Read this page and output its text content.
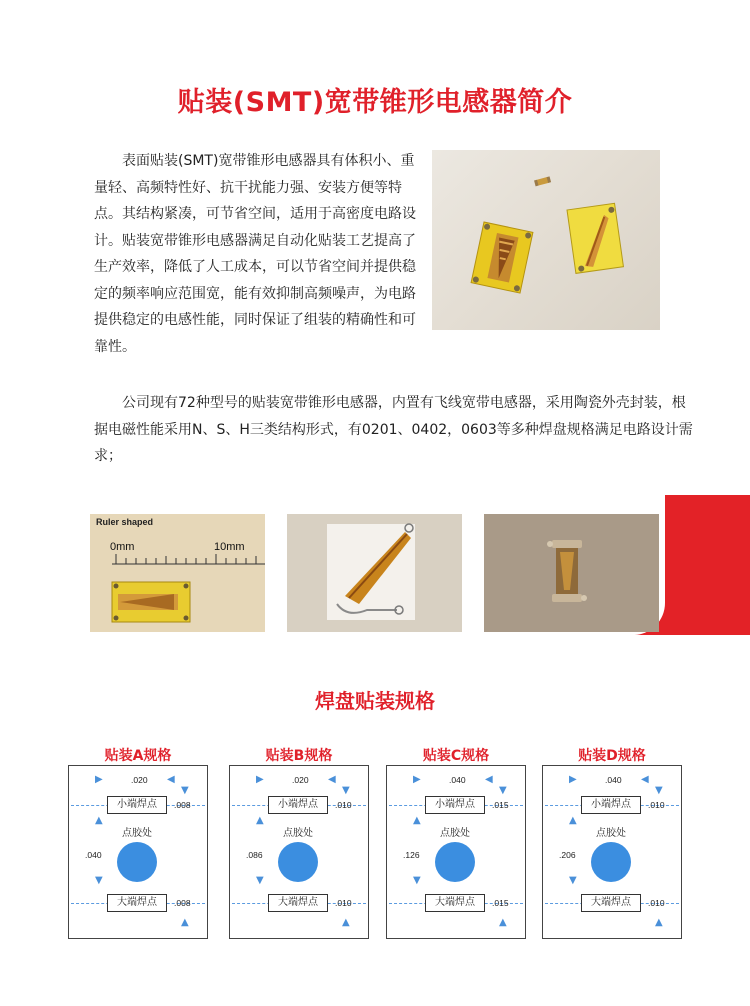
贴装(SMT)宽带锥形电感器简介

表面贴装(SMT)宽带锥形电感器具有体积小、重量轻、高频特性好、抗干扰能力强、安装方便等特点。其结构紧凑，可节省空间，适用于高密度电路设计。贴装宽带锥形电感器满足自动化贴装工艺提高了生产效率，降低了人工成本，可以节省空间并提供稳定的频率响应范围宽，能有效抑制高频噪声，为电路提供稳定的电感性能，同时保证了组装的精确性和可靠性。

公司现有72种型号的贴装宽带锥形电感器，内置有飞线宽带电感器，采用陶瓷外壳封装，根据电磁性能采用N、S、H三类结构形式，有0201、0402，0603等多种焊盘规格满足电路设计需求；
Ruler shaped
0mm	10mm
焊盘贴装规格
贴装A规格
▶	◀
.020
小端焊点	.008
▼
▲
点胶处
.040
▼
大端焊点	.008
▲
贴装B规格
▶	◀
.020
小端焊点	.010
▼
▲
点胶处
.086
▼
大端焊点	.010
▲
贴装C规格
▶	◀
.040
小端焊点	.015
▼
▲
点胶处
.126
▼
大端焊点	.015
▲
贴装D规格
▶	◀
.040
小端焊点	.010
▼
▲
点胶处
.206
▼
大端焊点	.010
▲
